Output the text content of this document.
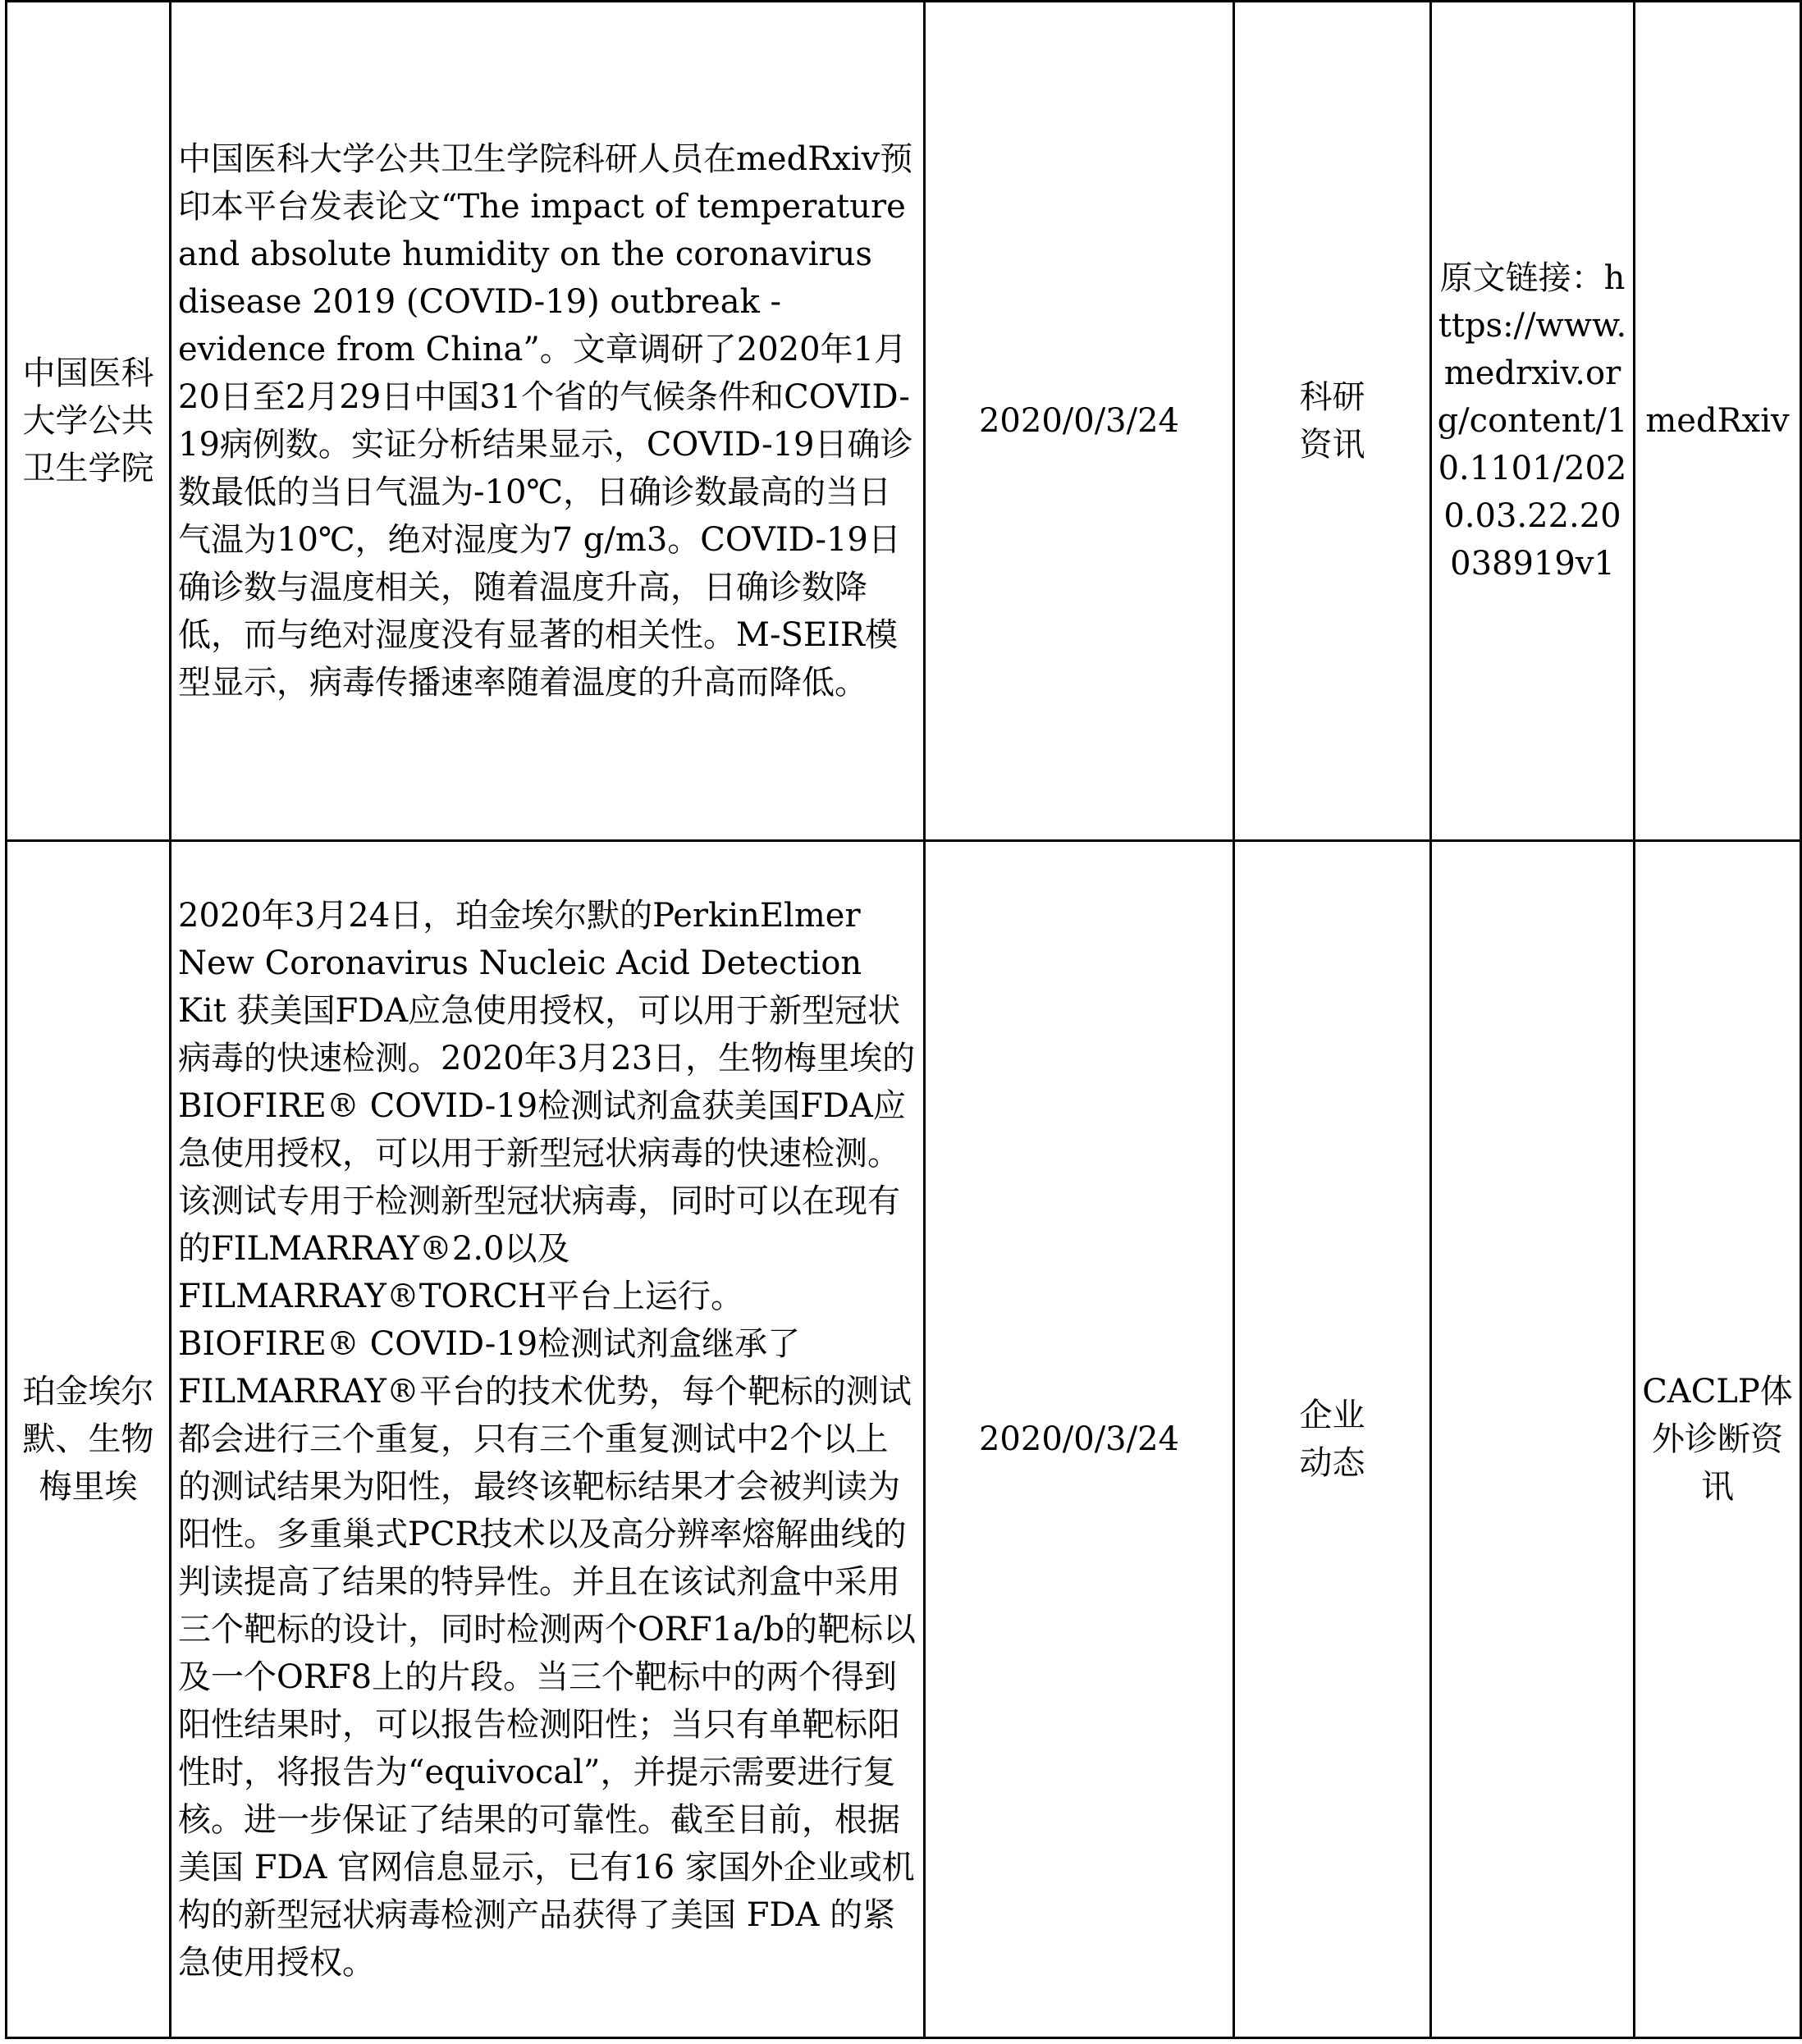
中国医科大学公共卫生学院	中国医科大学公共卫生学院科研人员在medRxiv预印本平台发表论文“The impact of temperature and absolute humidity on the coronavirus disease 2019 (COVID-19) outbreak - evidence from China”。文章调研了2020年1月20日至2月29日中国31个省的气候条件和COVID-19病例数。实证分析结果显示，COVID-19日确诊数最低的当日气温为-10℃，日确诊数最高的当日气温为10℃，绝对湿度为7 g/m3。COVID-19日确诊数与温度相关，随着温度升高，日确诊数降低，而与绝对湿度没有显著的相关性。M-SEIR模型显示，病毒传播速率随着温度的升高而降低。	2020/0/3/24	科研资讯	原文链接：https://www.medrxiv.org/content/10.1101/2020.03.22.20038919v1	medRxiv

珀金埃尔默、生物梅里埃	2020年3月24日，珀金埃尔默的PerkinElmer New Coronavirus Nucleic Acid Detection Kit 获美国FDA应急使用授权，可以用于新型冠状病毒的快速检测。2020年3月23日，生物梅里埃的BIOFIRE® COVID-19检测试剂盒获美国FDA应急使用授权，可以用于新型冠状病毒的快速检测。该测试专用于检测新型冠状病毒，同时可以在现有的FILMARRAY®2.0以及FILMARRAY®TORCH平台上运行。BIOFIRE® COVID-19检测试剂盒继承了FILMARRAY®平台的技术优势，每个靶标的测试都会进行三个重复，只有三个重复测试中2个以上的测试结果为阳性，最终该靶标结果才会被判读为阳性。多重巢式PCR技术以及高分辨率熔解曲线的判读提高了结果的特异性。并且在该试剂盒中采用三个靶标的设计，同时检测两个ORF1a/b的靶标以及一个ORF8上的片段。当三个靶标中的两个得到阳性结果时，可以报告检测阳性；当只有单靶标阳性时，将报告为“equivocal”，并提示需要进行复核。进一步保证了结果的可靠性。截至目前，根据美国 FDA 官网信息显示，已有16 家国外企业或机构的新型冠状病毒检测产品获得了美国 FDA 的紧急使用授权。	2020/0/3/24	企业动态		CACLP体外诊断资讯
